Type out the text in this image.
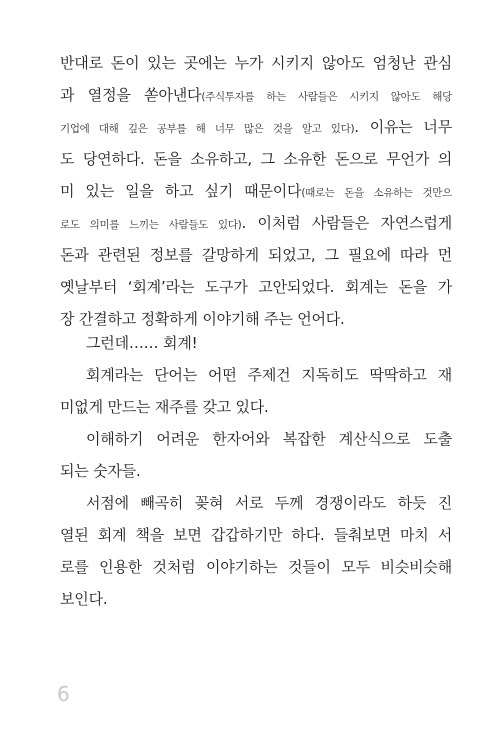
반대로 돈이 있는 곳에는 누가 시키지 않아도 엄청난 관심
과 열정을 쏟아낸다(주식투자를 하는 사람들은 시키지 않아도 해당
기업에 대해 깊은 공부를 해 너무 많은 것을 알고 있다). 이유는 너무
도 당연하다. 돈을 소유하고, 그 소유한 돈으로 무언가 의
미 있는 일을 하고 싶기 때문이다(때로는 돈을 소유하는 것만으
로도 의미를 느끼는 사람들도 있다). 이처럼 사람들은 자연스럽게
돈과 관련된 정보를 갈망하게 되었고, 그 필요에 따라 먼
옛날부터 ‘회계’라는 도구가 고안되었다. 회계는 돈을 가
장 간결하고 정확하게 이야기해 주는 언어다.
그런데…… 회계!
회계라는 단어는 어떤 주제건 지독히도 딱딱하고 재
미없게 만드는 재주를 갖고 있다.
이해하기 어려운 한자어와 복잡한 계산식으로 도출
되는 숫자들.
서점에 빼곡히 꽂혀 서로 두께 경쟁이라도 하듯 진
열된 회계 책을 보면 갑갑하기만 하다. 들춰보면 마치 서
로를 인용한 것처럼 이야기하는 것들이 모두 비슷비슷해
보인다.
6
